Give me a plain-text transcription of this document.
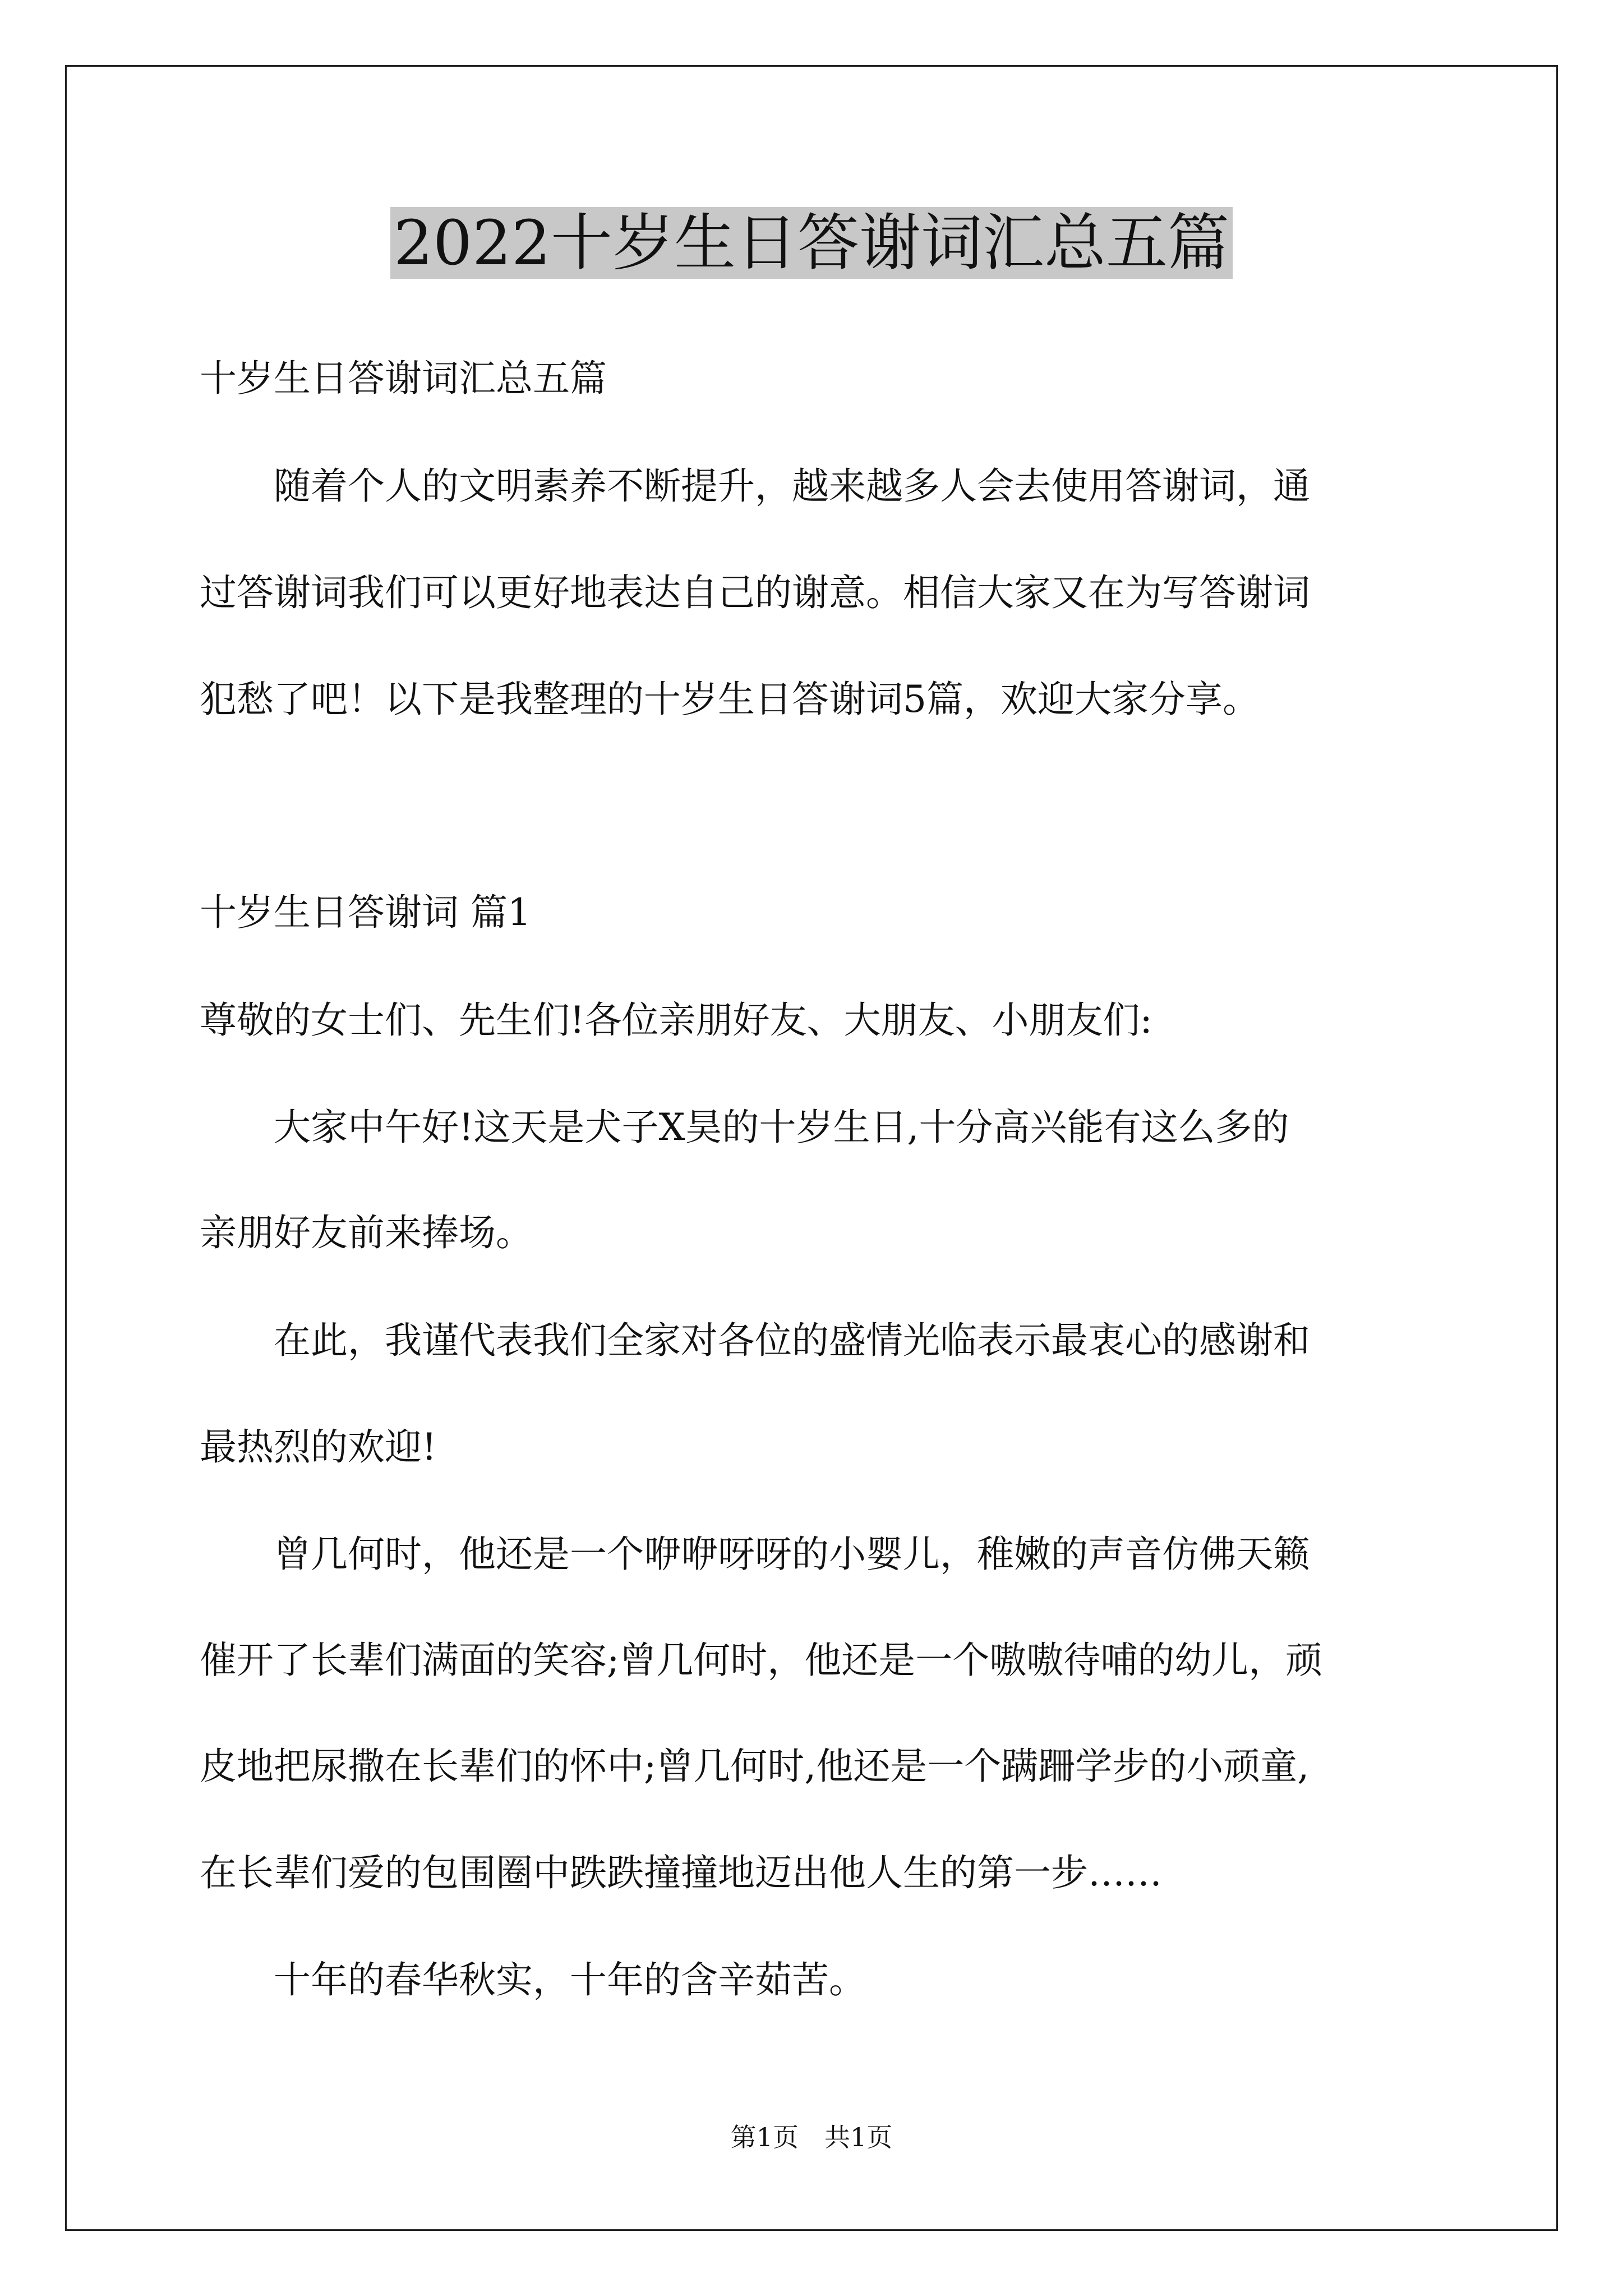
2022十岁生日答谢词汇总五篇

十岁生日答谢词汇总五篇

　　随着个人的文明素养不断提升，越来越多人会去使用答谢词，通

过答谢词我们可以更好地表达自己的谢意。相信大家又在为写答谢词

犯愁了吧！以下是我整理的十岁生日答谢词5篇，欢迎大家分享。

十岁生日答谢词 篇1

尊敬的女士们、先生们!各位亲朋好友、大朋友、小朋友们:

　　大家中午好!这天是犬子X昊的十岁生日,十分高兴能有这么多的

亲朋好友前来捧场。

　　在此，我谨代表我们全家对各位的盛情光临表示最衷心的感谢和

最热烈的欢迎!

　　曾几何时，他还是一个咿咿呀呀的小婴儿，稚嫩的声音仿佛天籁

催开了长辈们满面的笑容;曾几何时，他还是一个嗷嗷待哺的幼儿，顽

皮地把尿撒在长辈们的怀中;曾几何时,他还是一个蹒跚学步的小顽童,

在长辈们爱的包围圈中跌跌撞撞地迈出他人生的第一步……

　　十年的春华秋实，十年的含辛茹苦。

第1页　共1页
